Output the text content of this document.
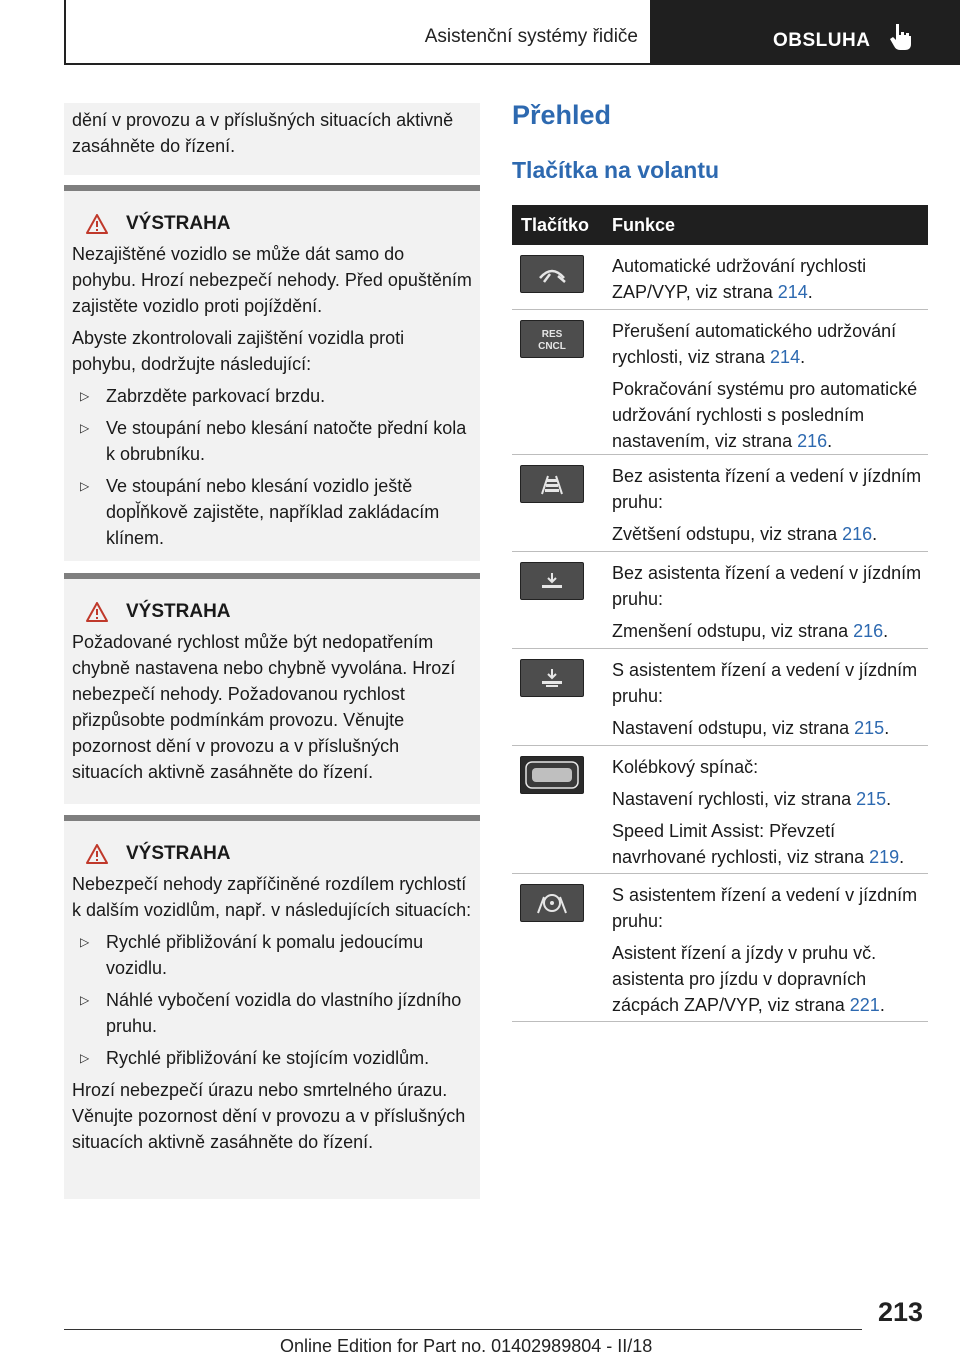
Asistenční systémy řidiče	OBSLUHA

dění v provozu a v příslušných situacích aktivně zasáhněte do řízení.

VÝSTRAHA

Nezajištěné vozidlo se může dát samo do pohybu. Hrozí nebezpečí nehody. Před opuštěním zajistěte vozidlo proti pojíždění.

Abyste zkontrolovali zajištění vozidla proti pohybu, dodržujte následující:

▷ Zabrzděte parkovací brzdu.
▷ Ve stoupání nebo klesání natočte přední kola k obrubníku.
▷ Ve stoupání nebo klesání vozidlo ještě dopl̆ňkově zajistěte, například zakládacím klínem.
VÝSTRAHA

Požadované rychlost může být nedopatřením chybně nastavena nebo chybně vyvolána. Hrozí nebezpečí nehody. Požadovanou rychlost přizpůsobte podmínkám provozu. Věnujte pozornost dění v provozu a v příslušných situacích aktivně zasáhněte do řízení.

VÝSTRAHA

Nebezpečí nehody zapříčiněné rozdílem rychlostí k dalším vozidlům, např. v následujících situacích:

▷ Rychlé přibližování k pomalu jedoucímu vozidlu.
▷ Náhlé vybočení vozidla do vlastního jízdního pruhu.
▷ Rychlé přibližování ke stojícím vozidlům.

Hrozí nebezpečí úrazu nebo smrtelného úrazu. Věnujte pozornost dění v provozu a v příslušných situacích aktivně zasáhněte do řízení.

Přehled
Tlačítka na volantu
Tlačítko Funkce

Automatické udržování rychlosti ZAP/VYP, viz strana 214.

RES
CNCL

Přerušení automatického udržování rychlosti, viz strana 214.

Pokračování systému pro automatické udržování rychlosti s posledním nastavením, viz strana 216.

Bez asistenta řízení a vedení v jízdním pruhu:

Zvětšení odstupu, viz strana 216.

Bez asistenta řízení a vedení v jízdním pruhu:

Zmenšení odstupu, viz strana 216.

S asistentem řízení a vedení v jízdním pruhu:

Nastavení odstupu, viz strana 215.

Kolébkový spínač:

Nastavení rychlosti, viz strana 215.

Speed Limit Assist: Převzetí navrhované rychlosti, viz strana 219.

S asistentem řízení a vedení v jízdním pruhu:

Asistent řízení a jízdy v pruhu vč. asistenta pro jízdu v dopravních zácpách ZAP/VYP, viz strana 221.

213
Online Edition for Part no. 01402989804 - II/18
